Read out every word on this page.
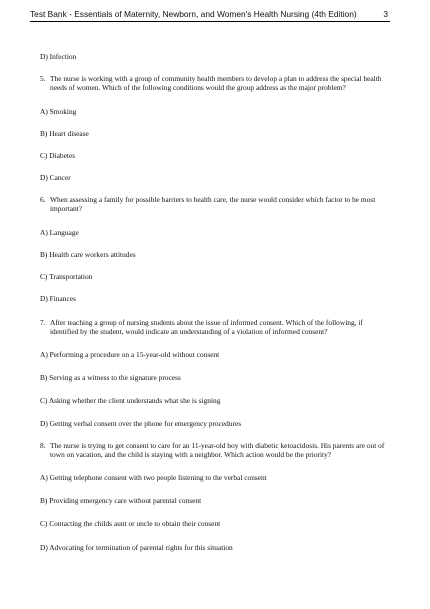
Test Bank - Essentials of Maternity, Newborn, and Women's Health Nursing (4th Edition)	3
D) Infection
5. The nurse is working with a group of community health members to develop a plan to address the special health needs of women. Which of the following conditions would the group address as the major problem?
A) Smoking
B) Heart disease
C) Diabetes
D) Cancer
6. When assessing a family for possible barriers to health care, the nurse would consider which factor to be most important?
A) Language
B) Health care workers attitudes
C) Transportation
D) Finances
7. After teaching a group of nursing students about the issue of informed consent. Which of the following, if identified by the student, would indicate an understanding of a violation of informed consent?
A) Performing a procedure on a 15-year-old without consent
B) Serving as a witness to the signature process
C) Asking whether the client understands what she is signing
D) Getting verbal consent over the phone for emergency procedures
8. The nurse is trying to get consent to care for an 11-year-old boy with diabetic ketoacidosis. His parents are out of town on vacation, and the child is staying with a neighbor. Which action would be the priority?
A) Getting telephone consent with two people listening to the verbal consent
B) Providing emergency care without parental consent
C) Contacting the childs aunt or uncle to obtain their consent
D) Advocating for termination of parental rights for this situation
